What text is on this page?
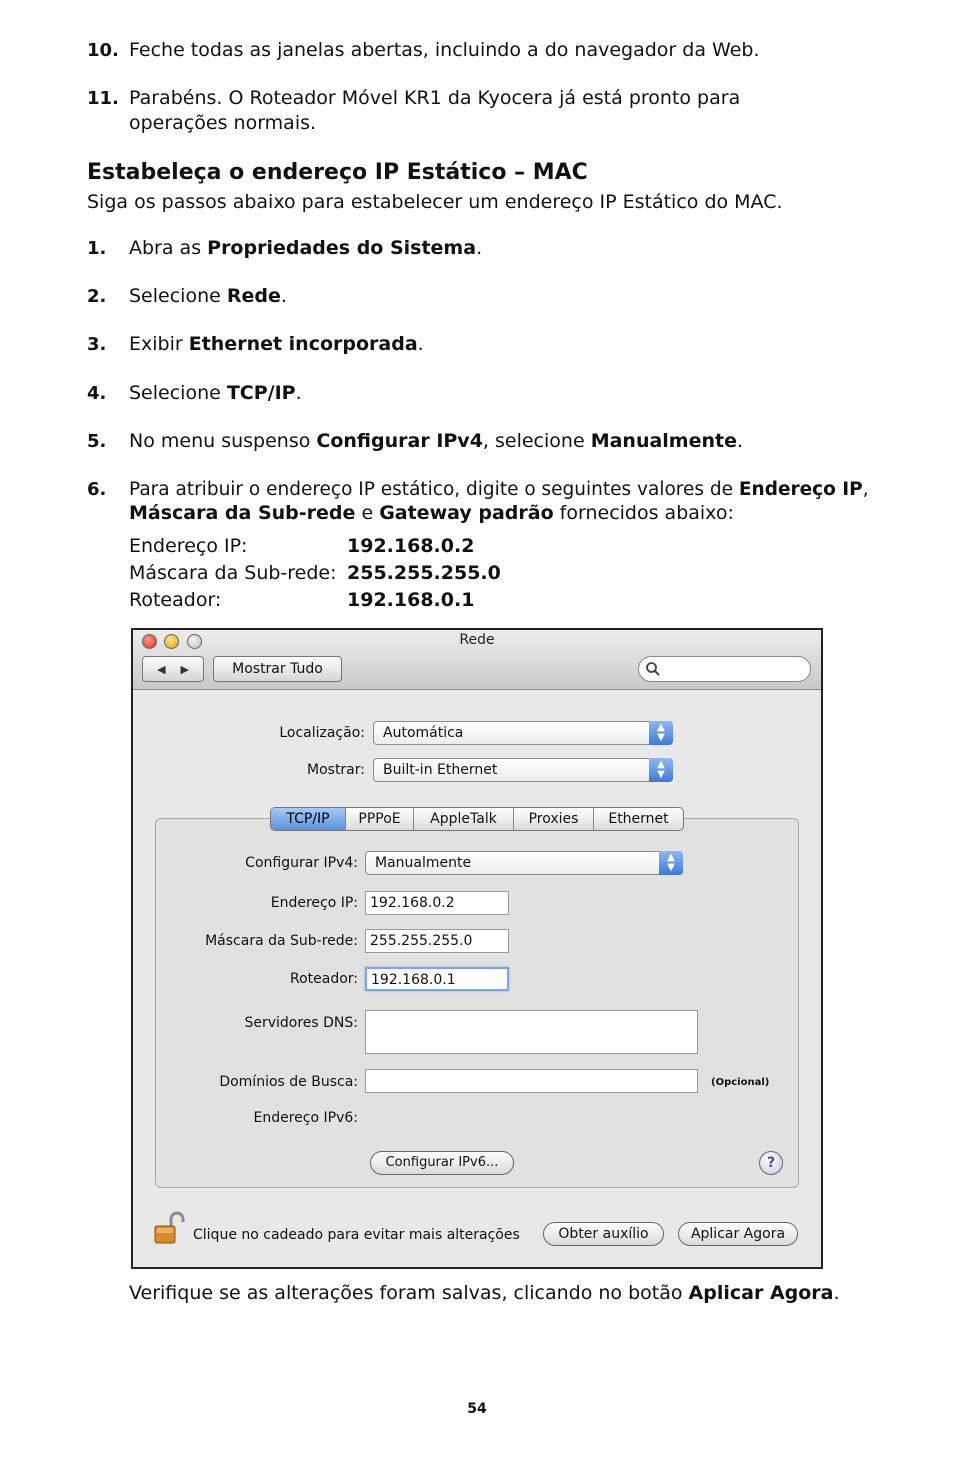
10. Feche todas as janelas abertas, incluindo a do navegador da Web.
11. Parabéns. O Roteador Móvel KR1 da Kyocera já está pronto para
operações normais.
Estabeleça o endereço IP Estático – MAC
Siga os passos abaixo para estabelecer um endereço IP Estático do MAC.
1. Abra as Propriedades do Sistema.
2. Selecione Rede.
3. Exibir Ethernet incorporada.
4. Selecione TCP/IP.
5. No menu suspenso Configurar IPv4, selecione Manualmente.
6. Para atribuir o endereço IP estático, digite o seguintes valores de Endereço IP,
Máscara da Sub-rede e Gateway padrão fornecidos abaixo:
Endereço IP:	192.168.0.2
Máscara da Sub-rede: 255.255.255.0
Roteador:	192.168.0.1
Rede
◀ ▶	Mostrar Tudo
Localização:	Automática	▲
▼
Mostrar:	Built-in Ethernet	▲
▼
TCP/IP	PPPoE	AppleTalk	Proxies	Ethernet
Configurar IPv4:	Manualmente	▲
▼
Endereço IP: 192.168.0.2
Máscara da Sub-rede: 255.255.255.0
Roteador: 192.168.0.1
Servidores DNS:
Domínios de Busca:	(Opcional)
Endereço IPv6:
Configurar IPv6...	?
Clique no cadeado para evitar mais alterações	Obter auxílio	Aplicar Agora
Verifique se as alterações foram salvas, clicando no botão Aplicar Agora.
54
